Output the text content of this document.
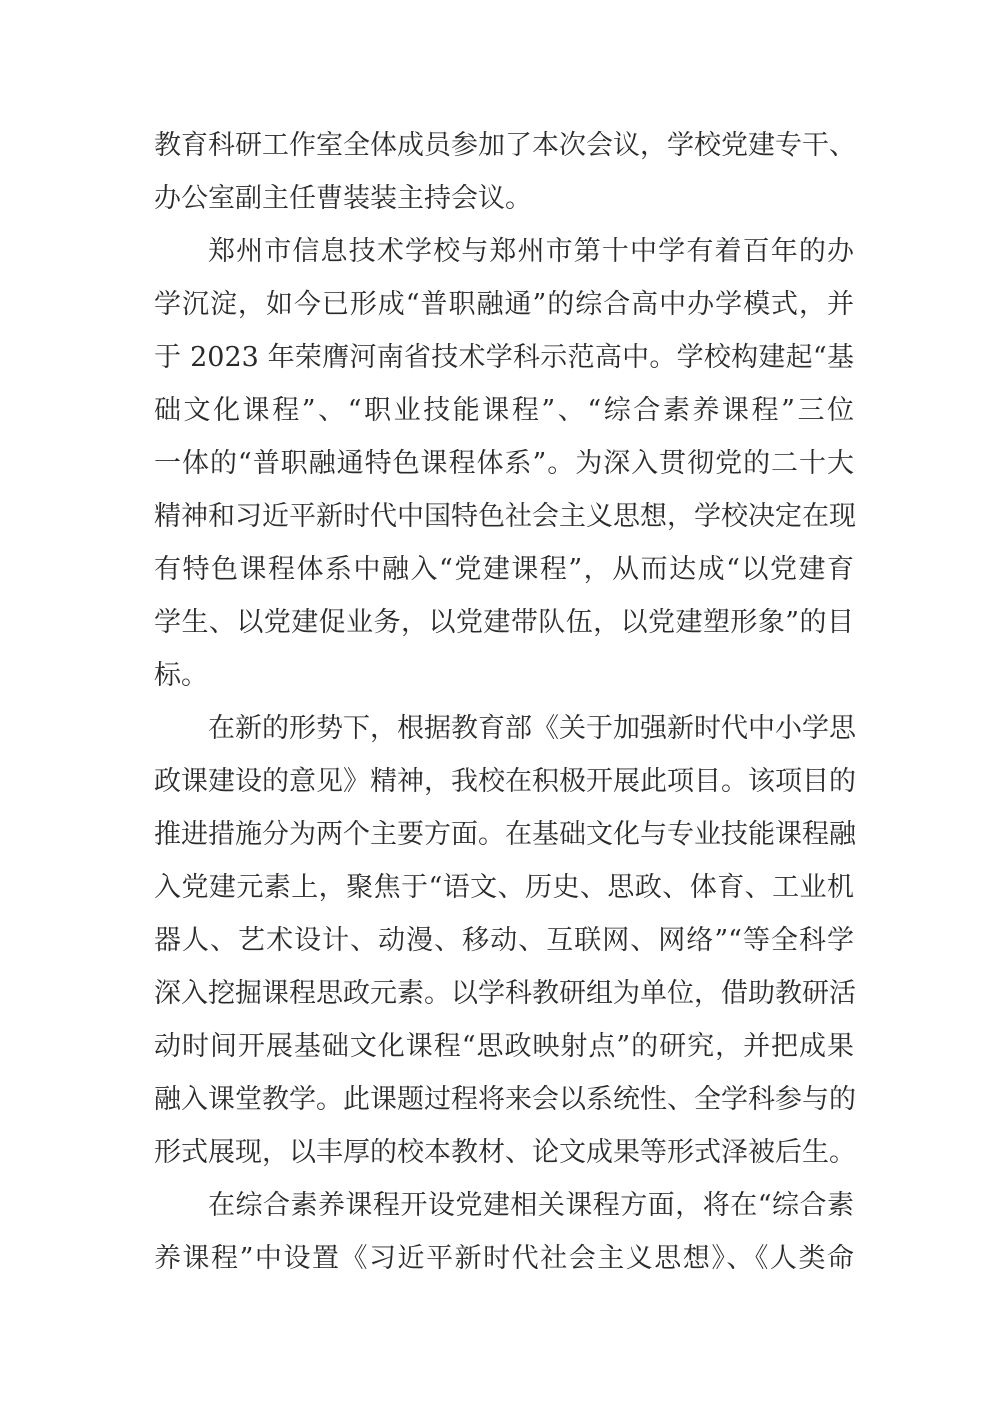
教育科研工作室全体成员参加了本次会议，学校党建专干、
办公室副主任曹装装主持会议。
郑州市信息技术学校与郑州市第十中学有着百年的办
学沉淀，如今已形成“普职融通”的综合高中办学模式，并
于 2023 年荣膺河南省技术学科示范高中。学校构建起“基
础文化课程”、“职业技能课程”、“综合素养课程”三位
一体的“普职融通特色课程体系”。为深入贯彻党的二十大
精神和习近平新时代中国特色社会主义思想，学校决定在现
有特色课程体系中融入“党建课程”，从而达成“以党建育
学生、以党建促业务，以党建带队伍，以党建塑形象”的目
标。
在新的形势下，根据教育部《关于加强新时代中小学思
政课建设的意见》精神，我校在积极开展此项目。该项目的
推进措施分为两个主要方面。在基础文化与专业技能课程融
入党建元素上，聚焦于“语文、历史、思政、体育、工业机
器人、艺术设计、动漫、移动、互联网、网络”“等全科学
深入挖掘课程思政元素。以学科教研组为单位，借助教研活
动时间开展基础文化课程“思政映射点”的研究，并把成果
融入课堂教学。此课题过程将来会以系统性、全学科参与的
形式展现，以丰厚的校本教材、论文成果等形式泽被后生。
在综合素养课程开设党建相关课程方面，将在“综合素
养课程”中设置《习近平新时代社会主义思想》、《人类命
